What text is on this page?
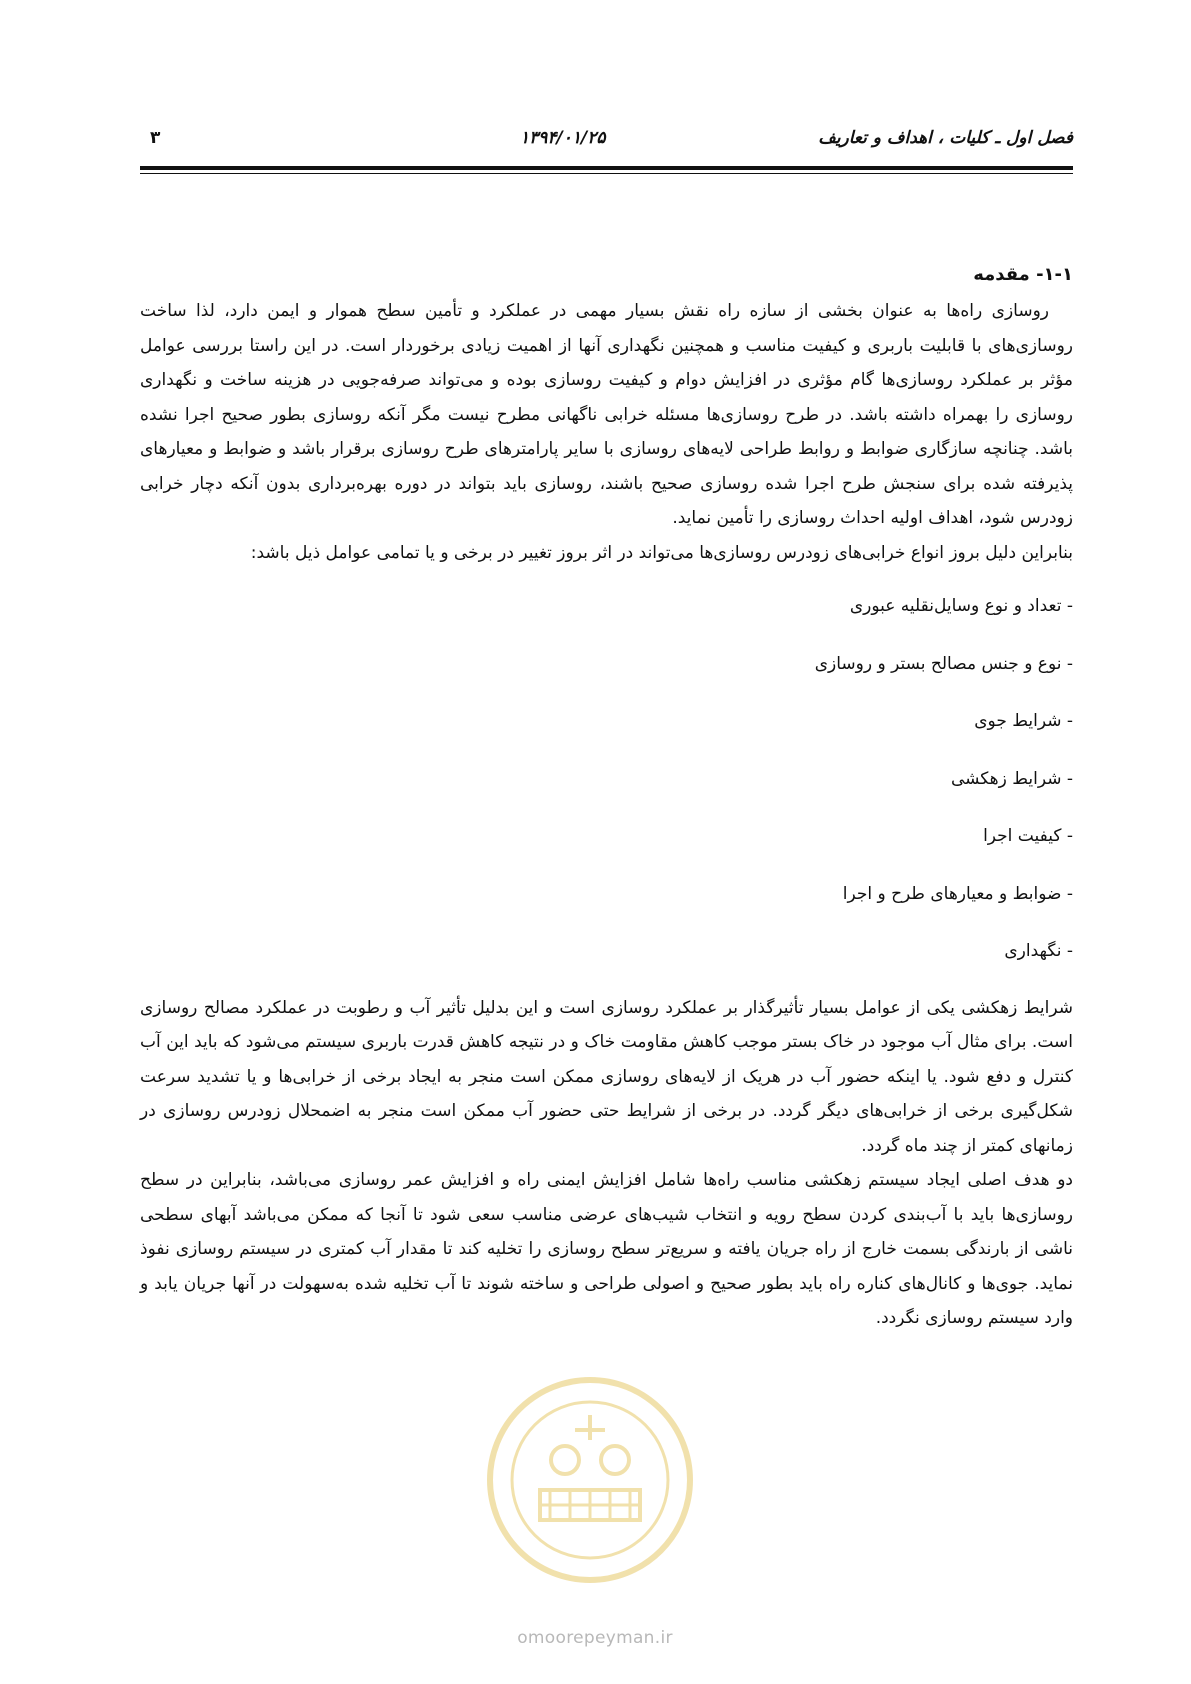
فصل اول ـ کلیات ، اهداف و تعاریف
۱۳۹۴/۰۱/۲۵
۳
۱-۱- مقدمه

روسازی راه‌ها به عنوان بخشی از سازه راه نقش بسیار مهمی در عملکرد و تأمین سطح هموار و ایمن دارد، لذا ساخت روسازی‌های با قابلیت باربری و کیفیت مناسب و همچنین نگهداری آنها از اهمیت زیادی برخوردار است. در این راستا بررسی عوامل مؤثر بر عملکرد روسازی‌ها گام مؤثری در افزایش دوام و کیفیت روسازی بوده و می‌تواند صرفه‌جویی در هزینه ساخت و نگهداری روسازی را بهمراه داشته باشد. در طرح روسازی‌ها مسئله خرابی ناگهانی مطرح نیست مگر آنکه روسازی بطور صحیح اجرا نشده باشد. چنانچه سازگاری ضوابط و روابط طراحی لایه‌های روسازی با سایر پارامترهای طرح روسازی برقرار باشد و ضوابط و معیارهای پذیرفته شده برای سنجش طرح اجرا شده روسازی صحیح باشند، روسازی باید بتواند در دوره بهره‌برداری بدون آنکه دچار خرابی زودرس شود، اهداف اولیه احداث روسازی را تأمین نماید.

بنابراین دلیل بروز انواع خرابی‌های زودرس روسازی‌ها می‌تواند در اثر بروز تغییر در برخی و یا تمامی عوامل ذیل باشد:

- تعداد و نوع وسایل‌نقلیه عبوری
- نوع و جنس مصالح بستر و روسازی
- شرایط جوی
- شرایط زهکشی
- کیفیت اجرا
- ضوابط و معیارهای طرح و اجرا
- نگهداری

شرایط زهکشی یکی از عوامل بسیار تأثیرگذار بر عملکرد روسازی است و این بدلیل تأثیر آب و رطوبت در عملکرد مصالح روسازی است. برای مثال آب موجود در خاک بستر موجب کاهش مقاومت خاک و در نتیجه کاهش قدرت باربری سیستم می‌شود که باید این آب کنترل و دفع شود. یا اینکه حضور آب در هریک از لایه‌های روسازی ممکن است منجر به ایجاد برخی از خرابی‌ها و یا تشدید سرعت شکل‌گیری برخی از خرابی‌های دیگر گردد. در برخی از شرایط حتی حضور آب ممکن است منجر به اضمحلال زودرس روسازی در زمانهای کمتر از چند ماه گردد.

دو هدف اصلی ایجاد سیستم زهکشی مناسب راه‌ها شامل افزایش ایمنی راه و افزایش عمر روسازی می‌باشد، بنابراین در سطح روسازی‌ها باید با آب‌بندی کردن سطح رویه و انتخاب شیب‌های عرضی مناسب سعی شود تا آنجا که ممکن می‌باشد آبهای سطحی ناشی از بارندگی بسمت خارج از راه جریان یافته و سریع‌تر سطح روسازی را تخلیه کند تا مقدار آب کمتری در سیستم روسازی نفوذ نماید. جوی‌ها و کانال‌های کناره راه باید بطور صحیح و اصولی طراحی و ساخته شوند تا آب تخلیه شده به‌سهولت در آنها جریان یابد و وارد سیستم روسازی نگردد.

omoorepeyman.ir
